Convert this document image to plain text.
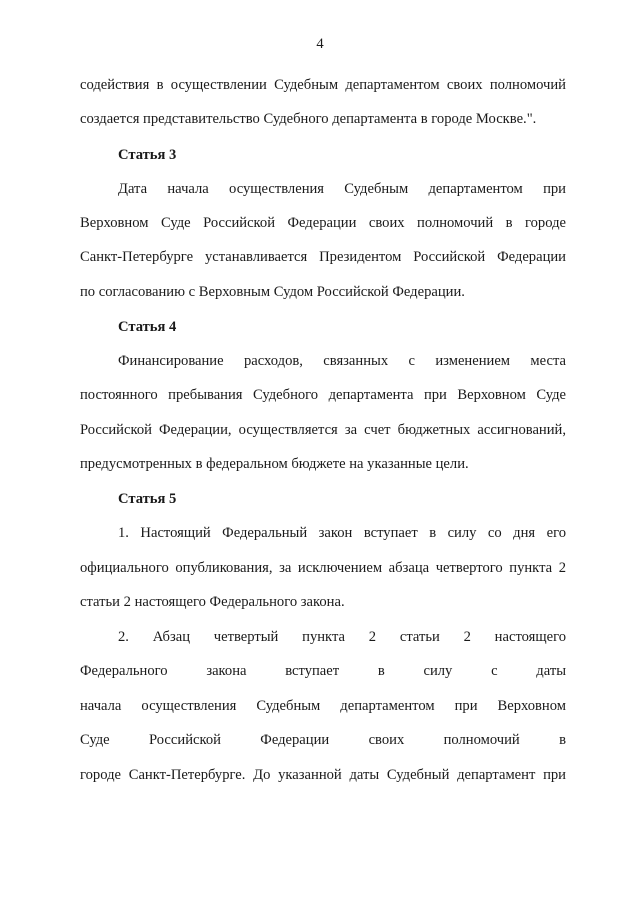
4
содействия в осуществлении Судебным департаментом своих полномочий
создается представительство Судебного департамента в городе Москве.".
Статья 3
Дата начала осуществления Судебным департаментом при
Верховном Суде Российской Федерации своих полномочий в городе
Санкт-Петербурге устанавливается Президентом Российской Федерации
по согласованию с Верховным Судом Российской Федерации.
Статья 4
Финансирование расходов, связанных с изменением места
постоянного пребывания Судебного департамента при Верховном Суде
Российской Федерации, осуществляется за счет бюджетных ассигнований,
предусмотренных в федеральном бюджете на указанные цели.
Статья 5
1. Настоящий Федеральный закон вступает в силу со дня его
официального опубликования, за исключением абзаца четвертого пункта 2
статьи 2 настоящего Федерального закона.
2. Абзац четвертый пункта 2 статьи 2 настоящего
Федерального закона вступает в силу с даты
начала осуществления Судебным департаментом при Верховном
Суде Российской Федерации своих полномочий в
городе Санкт-Петербурге. До указанной даты Судебный департамент при
